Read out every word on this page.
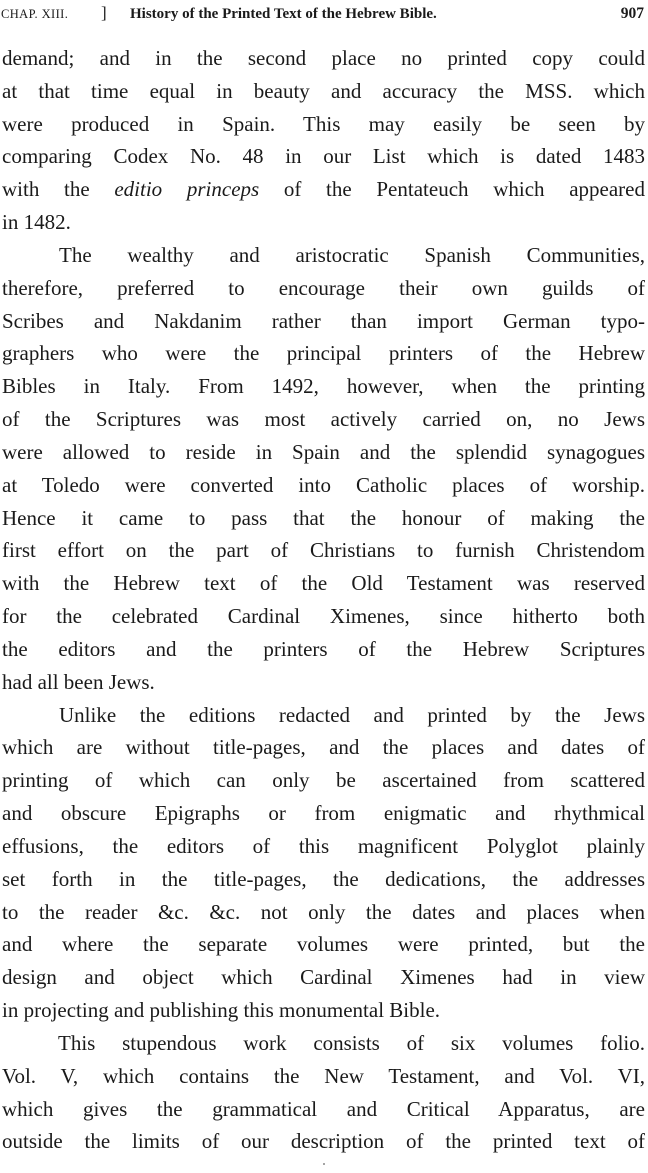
CHAP. XIII. ] History of the Printed Text of the Hebrew Bible.	907
demand; and in the second place no printed copy could
at that time equal in beauty and accuracy the MSS. which
were produced in Spain. This may easily be seen by
comparing Codex No. 48 in our List which is dated 1483
with the editio princeps of the Pentateuch which appeared
in 1482.
The wealthy and aristocratic Spanish Communities,
therefore, preferred to encourage their own guilds of
Scribes and Nakdanim rather than import German typo-
graphers who were the principal printers of the Hebrew
Bibles in Italy. From 1492, however, when the printing
of the Scriptures was most actively carried on, no Jews
were allowed to reside in Spain and the splendid synagogues
at Toledo were converted into Catholic places of worship.
Hence it came to pass that the honour of making the
first effort on the part of Christians to furnish Christendom
with the Hebrew text of the Old Testament was reserved
for the celebrated Cardinal Ximenes, since hitherto both
the editors and the printers of the Hebrew Scriptures
had all been Jews.
Unlike the editions redacted and printed by the Jews
which are without title-pages, and the places and dates of
printing of which can only be ascertained from scattered
and obscure Epigraphs or from enigmatic and rhythmical
effusions, the editors of this magnificent Polyglot plainly
set forth in the title-pages, the dedications, the addresses
to the reader &c. &c. not only the dates and places when
and where the separate volumes were printed, but the
design and object which Cardinal Ximenes had in view
in projecting and publishing this monumental Bible.
This stupendous work consists of six volumes folio.
Vol. V, which contains the New Testament, and Vol. VI,
which gives the grammatical and Critical Apparatus, are
outside the limits of our description of the printed text of
